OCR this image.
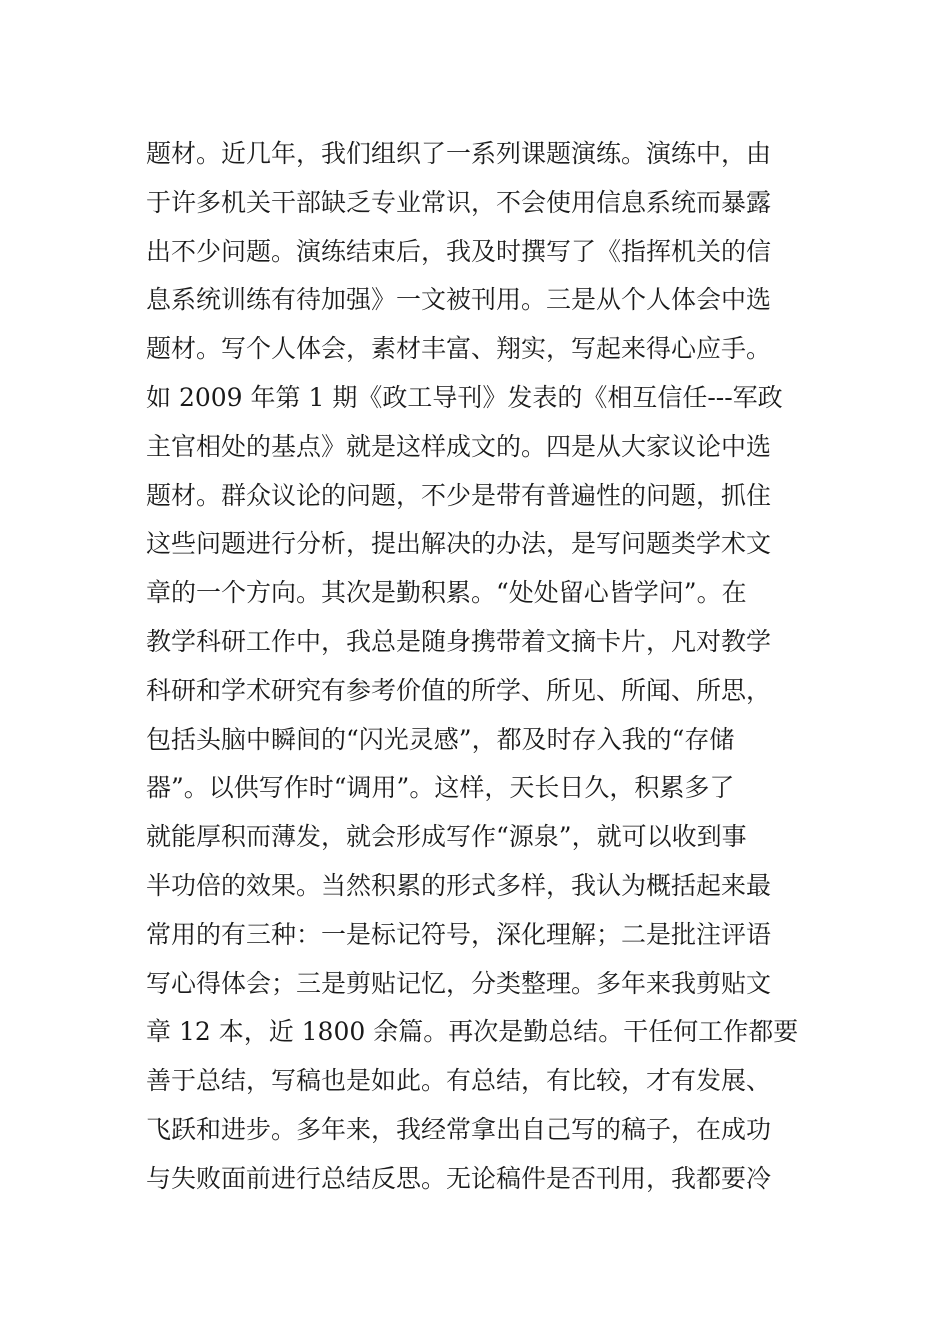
题材。近几年，我们组织了一系列课题演练。演练中，由
于许多机关干部缺乏专业常识，不会使用信息系统而暴露
出不少问题。演练结束后，我及时撰写了《指挥机关的信
息系统训练有待加强》一文被刊用。三是从个人体会中选
题材。写个人体会，素材丰富、翔实，写起来得心应手。
如 2009 年第 1 期《政工导刊》发表的《相互信任---军政
主官相处的基点》就是这样成文的。四是从大家议论中选
题材。群众议论的问题，不少是带有普遍性的问题，抓住
这些问题进行分析，提出解决的办法，是写问题类学术文
章的一个方向。其次是勤积累。“处处留心皆学问”。在
教学科研工作中，我总是随身携带着文摘卡片，凡对教学
科研和学术研究有参考价值的所学、所见、所闻、所思，
包括头脑中瞬间的“闪光灵感”，都及时存入我的“存储
器”。以供写作时“调用”。这样，天长日久，积累多了
就能厚积而薄发，就会形成写作“源泉”，就可以收到事
半功倍的效果。当然积累的形式多样，我认为概括起来最
常用的有三种：一是标记符号，深化理解；二是批注评语
写心得体会；三是剪贴记忆，分类整理。多年来我剪贴文
章 12 本，近 1800 余篇。再次是勤总结。干任何工作都要
善于总结，写稿也是如此。有总结，有比较，才有发展、
飞跃和进步。多年来，我经常拿出自己写的稿子，在成功
与失败面前进行总结反思。无论稿件是否刊用，我都要冷
